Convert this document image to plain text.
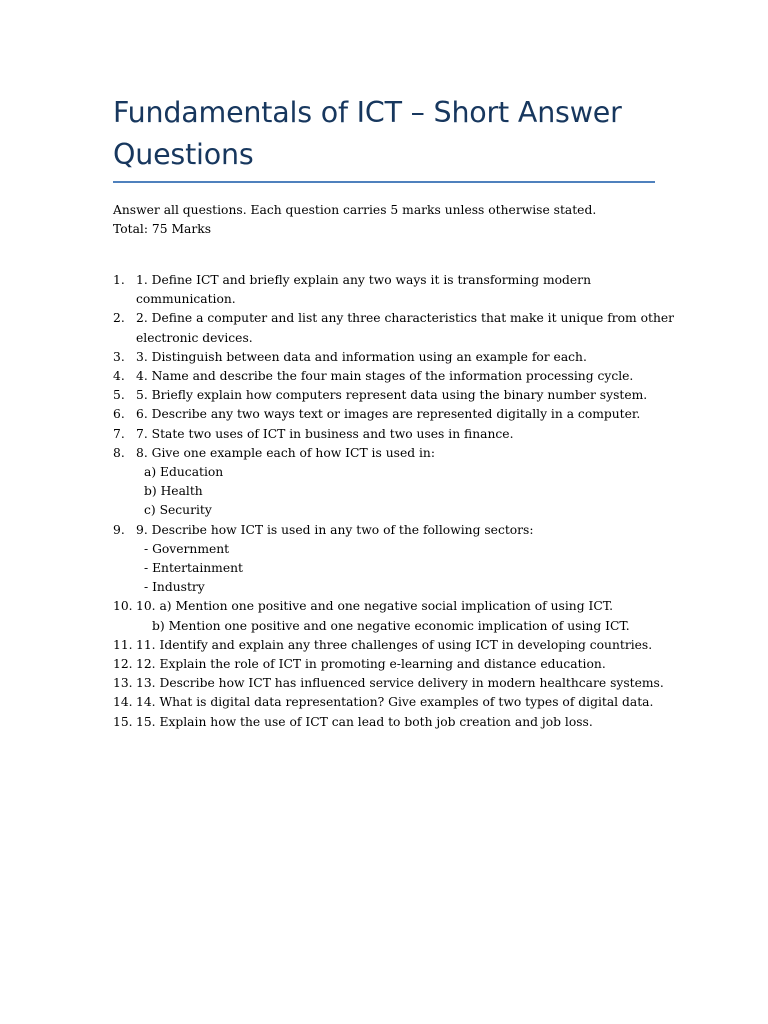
Fundamentals of ICT – Short Answer Questions
Answer all questions. Each question carries 5 marks unless otherwise stated.
Total: 75 Marks
1. 1. Define ICT and briefly explain any two ways it is transforming modern
communication.
2. 2. Define a computer and list any three characteristics that make it unique from other
electronic devices.
3. 3. Distinguish between data and information using an example for each.
4. 4. Name and describe the four main stages of the information processing cycle.
5. 5. Briefly explain how computers represent data using the binary number system.
6. 6. Describe any two ways text or images are represented digitally in a computer.
7. 7. State two uses of ICT in business and two uses in finance.
8. 8. Give one example each of how ICT is used in:
a) Education
b) Health
c) Security
9. 9. Describe how ICT is used in any two of the following sectors:
- Government
- Entertainment
- Industry
10. 10. a) Mention one positive and one negative social implication of using ICT.
b) Mention one positive and one negative economic implication of using ICT.
11. 11. Identify and explain any three challenges of using ICT in developing countries.
12. 12. Explain the role of ICT in promoting e-learning and distance education.
13. 13. Describe how ICT has influenced service delivery in modern healthcare systems.
14. 14. What is digital data representation? Give examples of two types of digital data.
15. 15. Explain how the use of ICT can lead to both job creation and job loss.
